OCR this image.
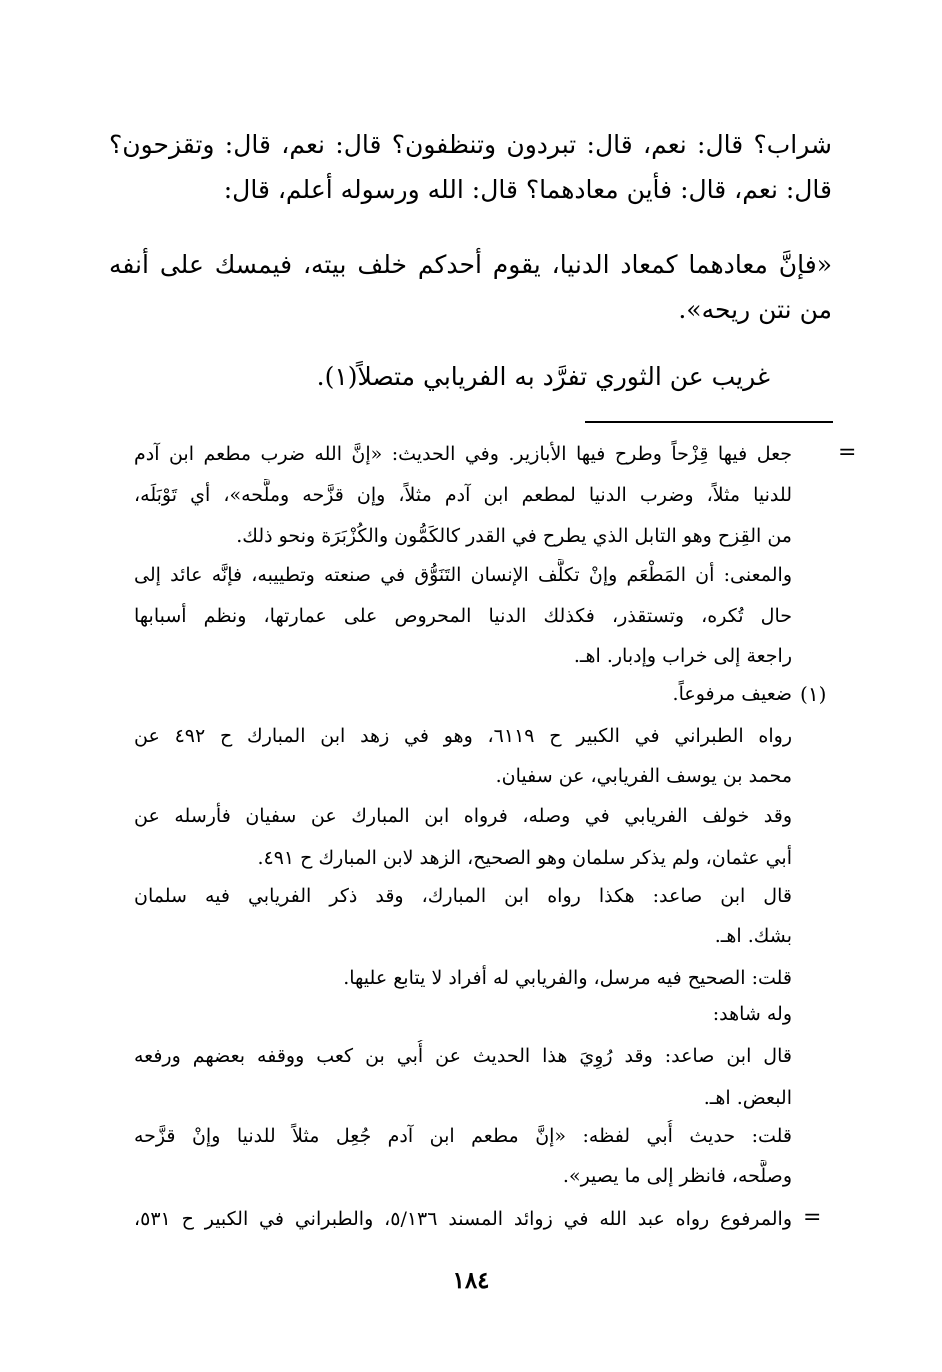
شراب؟ قال: نعم، قال: تبردون وتنظفون؟ قال: نعم، قال: وتقزحون؟
قال: نعم، قال: فأين معادهما؟ قال: الله ورسوله أعلم، قال:
«فإنَّ معادهما كمعاد الدنيا، يقوم أحدكم خلف بيته، فيمسك على أنفه
من نتن ريحه».
غريب عن الثوري تفرَّد به الفريابي متصلاً(١).
=
جعل فيها قِزْحاً وطرح فيها الأبازير. وفي الحديث: «إنَّ الله ضرب مطعم ابن آدم
للدنيا مثلاً، وضرب الدنيا لمطعم ابن آدم مثلاً، وإن قزَّحه وملَّحه»، أي تَوْبَلَه،
من القِزح وهو التابل الذي يطرح في القدر كالكَمُّون والكُزْبَرَة ونحو ذلك.
والمعنى: أن المَطْعَم وإنْ تكلَّف الإنسان التَنَوُّق في صنعته وتطييبه، فإنَّه عائد إلى
حال تُكره، وتستقذر، فكذلك الدنيا المحروص على عمارتها، ونظم أسبابها
راجعة إلى خراب وإدبار. اهـ.
(١)
ضعيف مرفوعاً.
رواه الطبراني في الكبير ح ٦١١٩، وهو في زهد ابن المبارك ح ٤٩٢ عن
محمد بن يوسف الفريابي، عن سفيان.
وقد خولف الفريابي في وصله، فرواه ابن المبارك عن سفيان فأرسله عن
أبي عثمان، ولم يذكر سلمان وهو الصحيح، الزهد لابن المبارك ح ٤٩١.
قال ابن صاعد: هكذا رواه ابن المبارك، وقد ذكر الفريابي فيه سلمان
بشك. اهـ.
قلت: الصحيح فيه مرسل، والفريابي له أفراد لا يتابع عليها.
وله شاهد:
قال ابن صاعد: وقد رُوِيَ هذا الحديث عن أُبي بن كعب ووقفه بعضهم ورفعه
البعض. اهـ.
قلت: حديث أُبي لفظه: «إنَّ مطعم ابن آدم جُعِل مثلاً للدنيا وإنْ قزَّحه
وصلَّحه، فانظر إلى ما يصير».
والمرفوع رواه عبد الله في زوائد المسند ٥/١٣٦، والطبراني في الكبير ح ٥٣١، =
١٨٤
